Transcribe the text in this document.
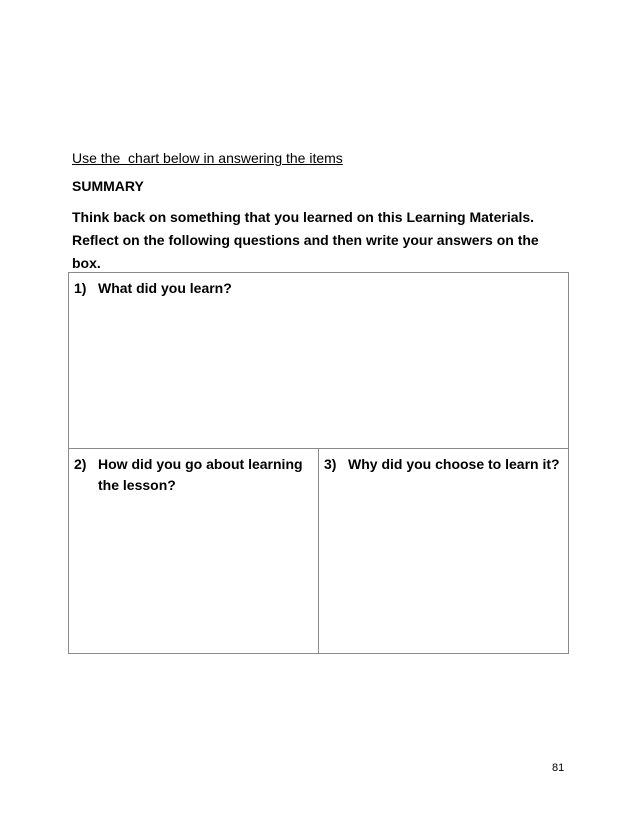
Use the  chart below in answering the items

SUMMARY

Think back on something that you learned on this Learning Materials.
Reflect on the following questions and then write your answers on the
box.

1) What did you learn?

2) How did you go about learning the lesson?

3) Why did you choose to learn it?

81
